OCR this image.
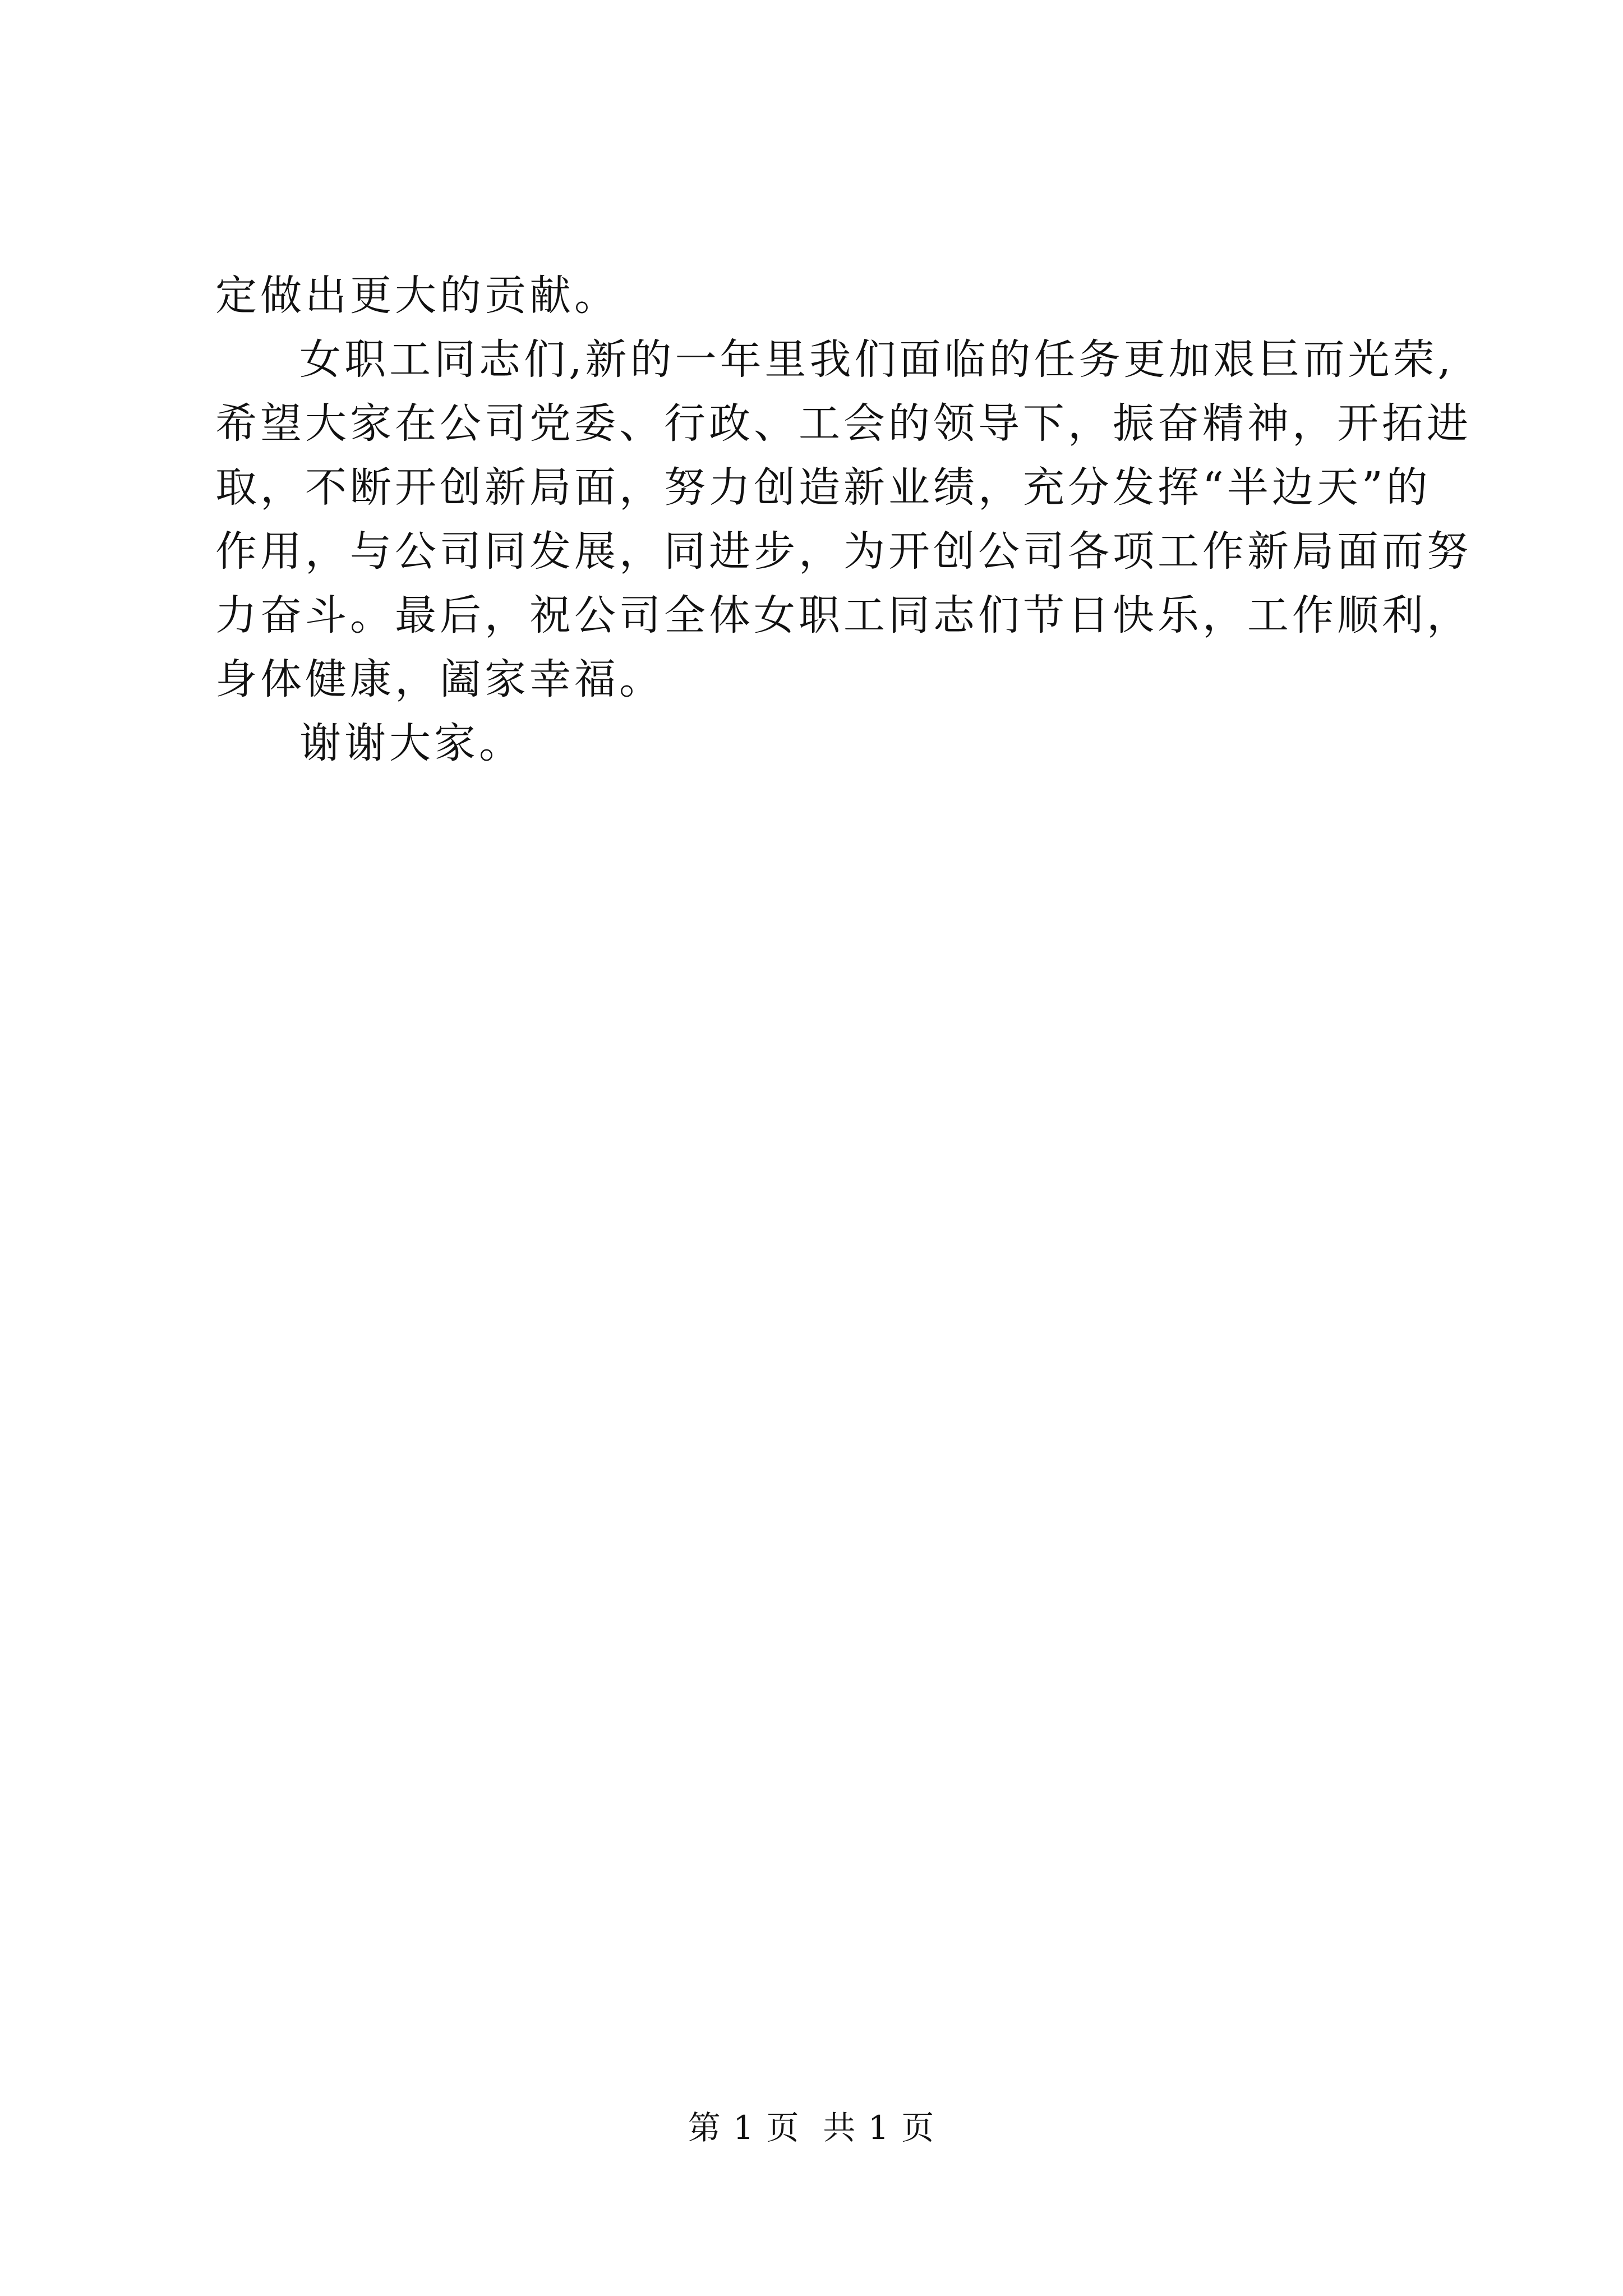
定做出更大的贡献。

女职工同志们,新的一年里我们面临的任务更加艰巨而光荣,
希望大家在公司党委、行政、工会的领导下，振奋精神，开拓进
取，不断开创新局面，努力创造新业绩，充分发挥“半边天”的
作用，与公司同发展，同进步，为开创公司各项工作新局面而努
力奋斗。最后，祝公司全体女职工同志们节日快乐，工作顺利，
身体健康，阖家幸福。

谢谢大家。

第 1 页  共 1 页
